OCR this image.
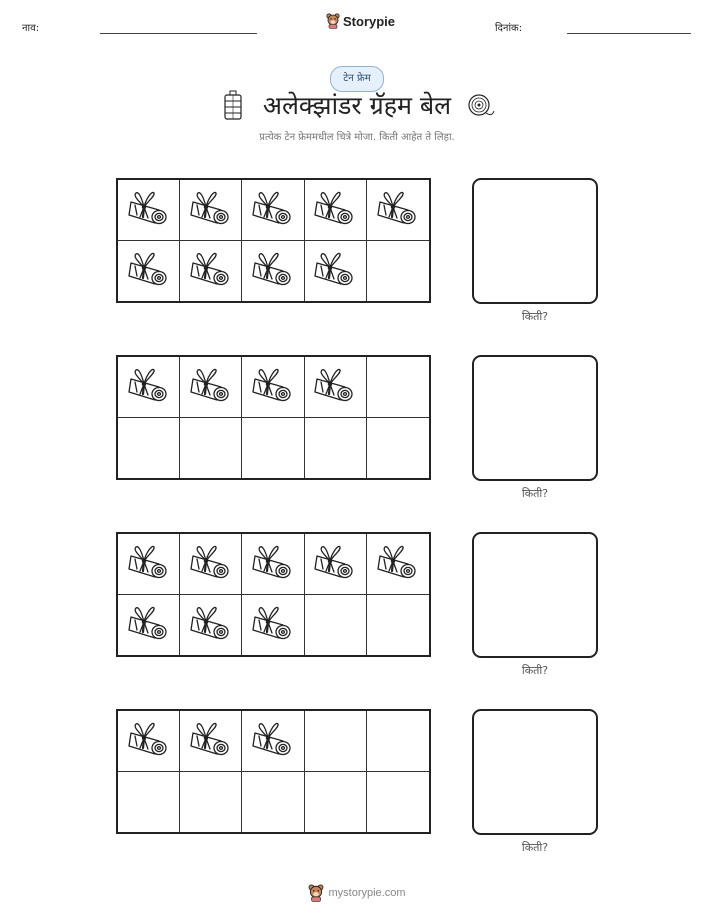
नाव:	Storypie	दिनांक:
टेन फ्रेम
अलेक्झांडर ग्रॅहम बेल
प्रत्येक टेन फ्रेममधील चित्रे मोजा. किती आहेत ते लिहा.
किती?
किती?
किती?
किती?
mystorypie.com
